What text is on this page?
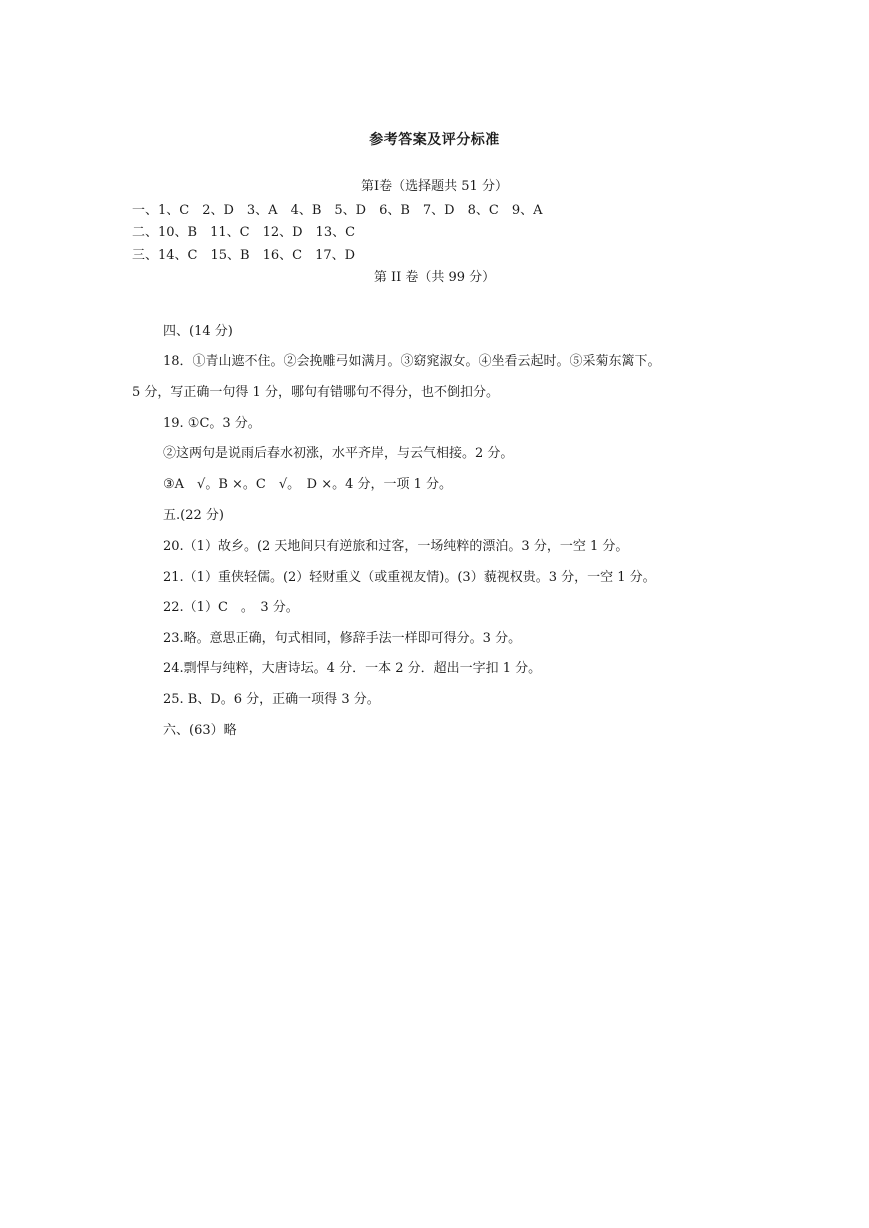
参考答案及评分标准
第Ⅰ卷（选择题共 51 分）
一、1、C　2、D　3、A　4、B　5、D　6、B　7、D　8、C　9、A
二、10、B　11、C　12、D　13、C
三、14、C　15、B　16、C　17、D
第 II 卷（共 99 分）
四、(14 分)
18．①青山遮不住。②会挽雕弓如满月。③窈窕淑女。④坐看云起时。⑤采菊东篱下。
5 分，写正确一句得 1 分，哪句有错哪句不得分，也不倒扣分。
19. ①C。3 分。
②这两句是说雨后春水初涨，水平齐岸，与云气相接。2 分。
③A　√。B ×。C　√。　D ×。4 分，一项 1 分。
五.(22 分)
20.（1）故乡。(2 天地间只有逆旅和过客，一场纯粹的漂泊。3 分，一空 1 分。
21.（1）重侠轻儒。(2）轻财重义（或重视友情)。(3）藐视权贵。3 分，一空 1 分。
22.（1）C　。　3 分。
23.略。意思正确，句式相同，修辞手法一样即可得分。3 分。
24.剽悍与纯粹，大唐诗坛。4 分．一本 2 分．超出一字扣 1 分。
25. B、D。6 分，正确一项得 3 分。
六、(63）略
